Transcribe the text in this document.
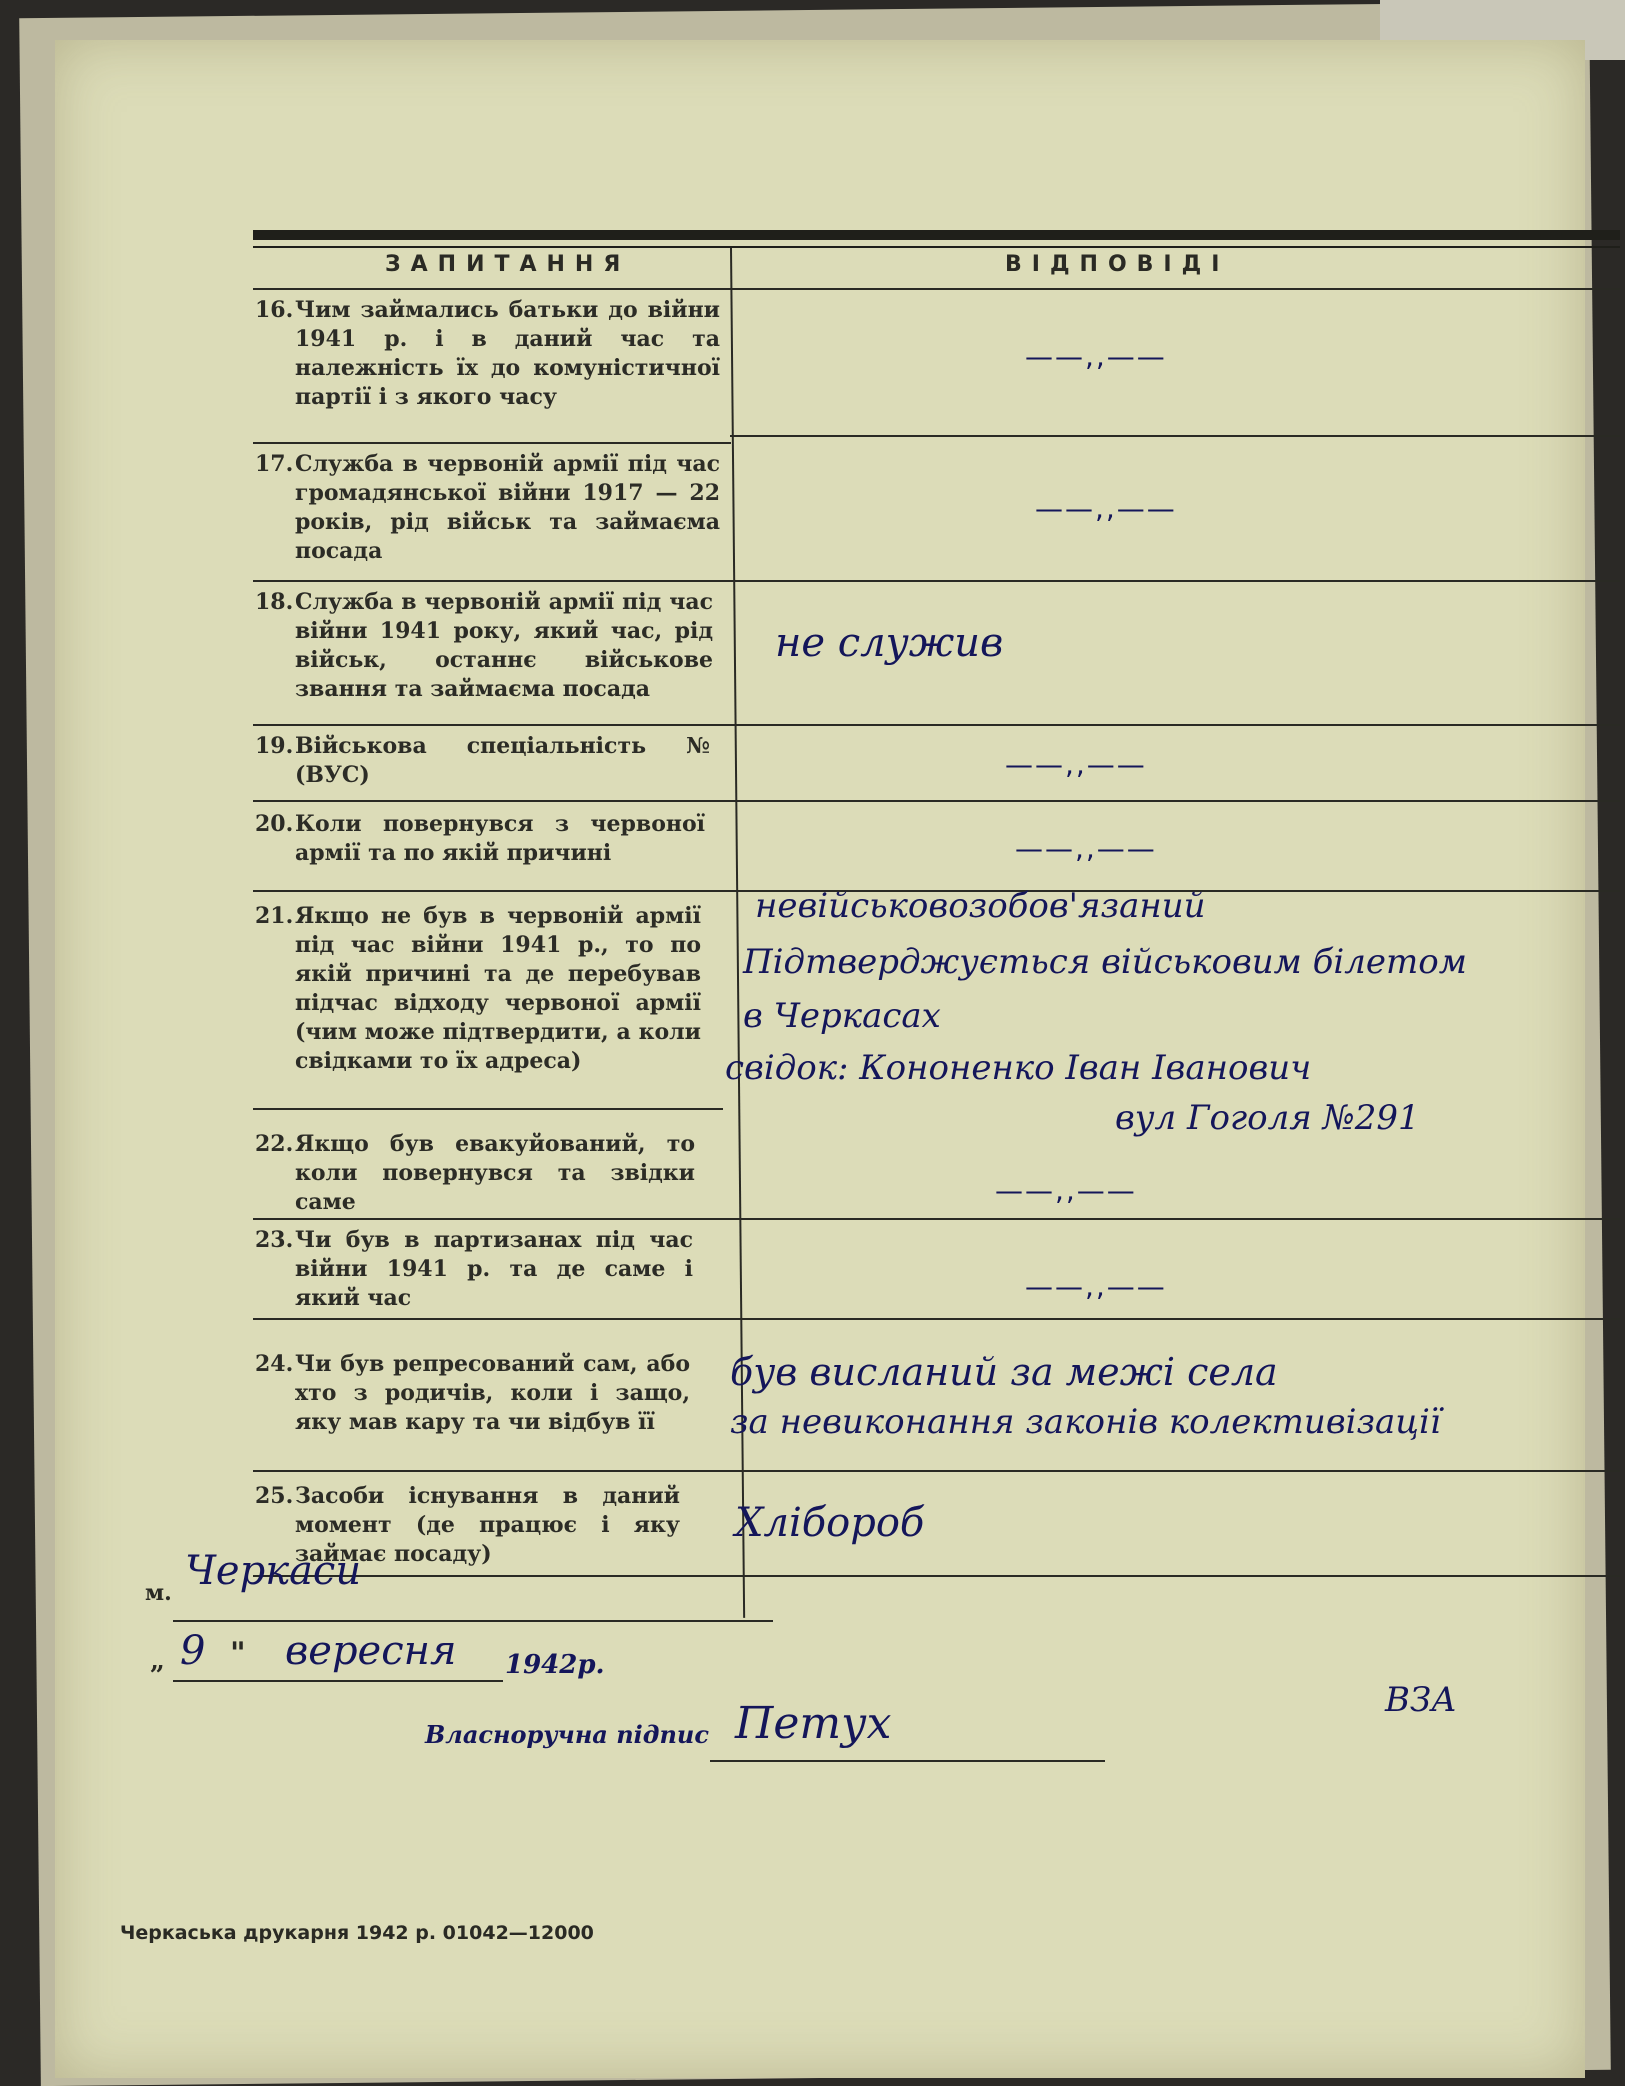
ЗАПИТАННЯ	ВІДПОВІДІ
16. Чим займались батьки до війни 1941 р. і в даний час та належність їх до комуністичної партії і з якого часу
——,,——
17. Служба в червоній армії під час громадянської війни 1917 — 22 років, рід військ та займаєма посада
——,,——
18. Служба в червоній армії під час війни 1941 року, який час, рід військ, останнє військове звання та займаєма посада
не служив
19. Військова спеціальність № (ВУС)	——,,——
20. Коли повернувся з червоної армії та по якій причині	——,,——
21. Якщо не був в червоній армії під час війни 1941 р., то по якій причині та де перебував підчас відходу червоної армії (чим може підтвердити, а коли свідками то їх адреса)
невійськовозобов'язаний
Підтверджується військовим білетом
в Черкасах
свідок: Кононенко Іван Іванович
вул Гоголя №291
22. Якщо був евакуйований, то коли повернувся та звідки саме	——,,——
23. Чи був в партизанах під час війни 1941 р. та де саме і який час	——,,——
24. Чи був репресований сам, або хто з родичів, коли і защо, яку мав кару та чи відбув її
був висланий за межі села
за невиконання законів колективізації
25. Засоби існування в даний момент (де працює і яку займає посаду)
Хлібороб
м. Черкаси
„ 9 " вересня 1942р.
Власноручна підпис Петух	ВЗА
Черкаська друкарня 1942 р. 01042—12000
